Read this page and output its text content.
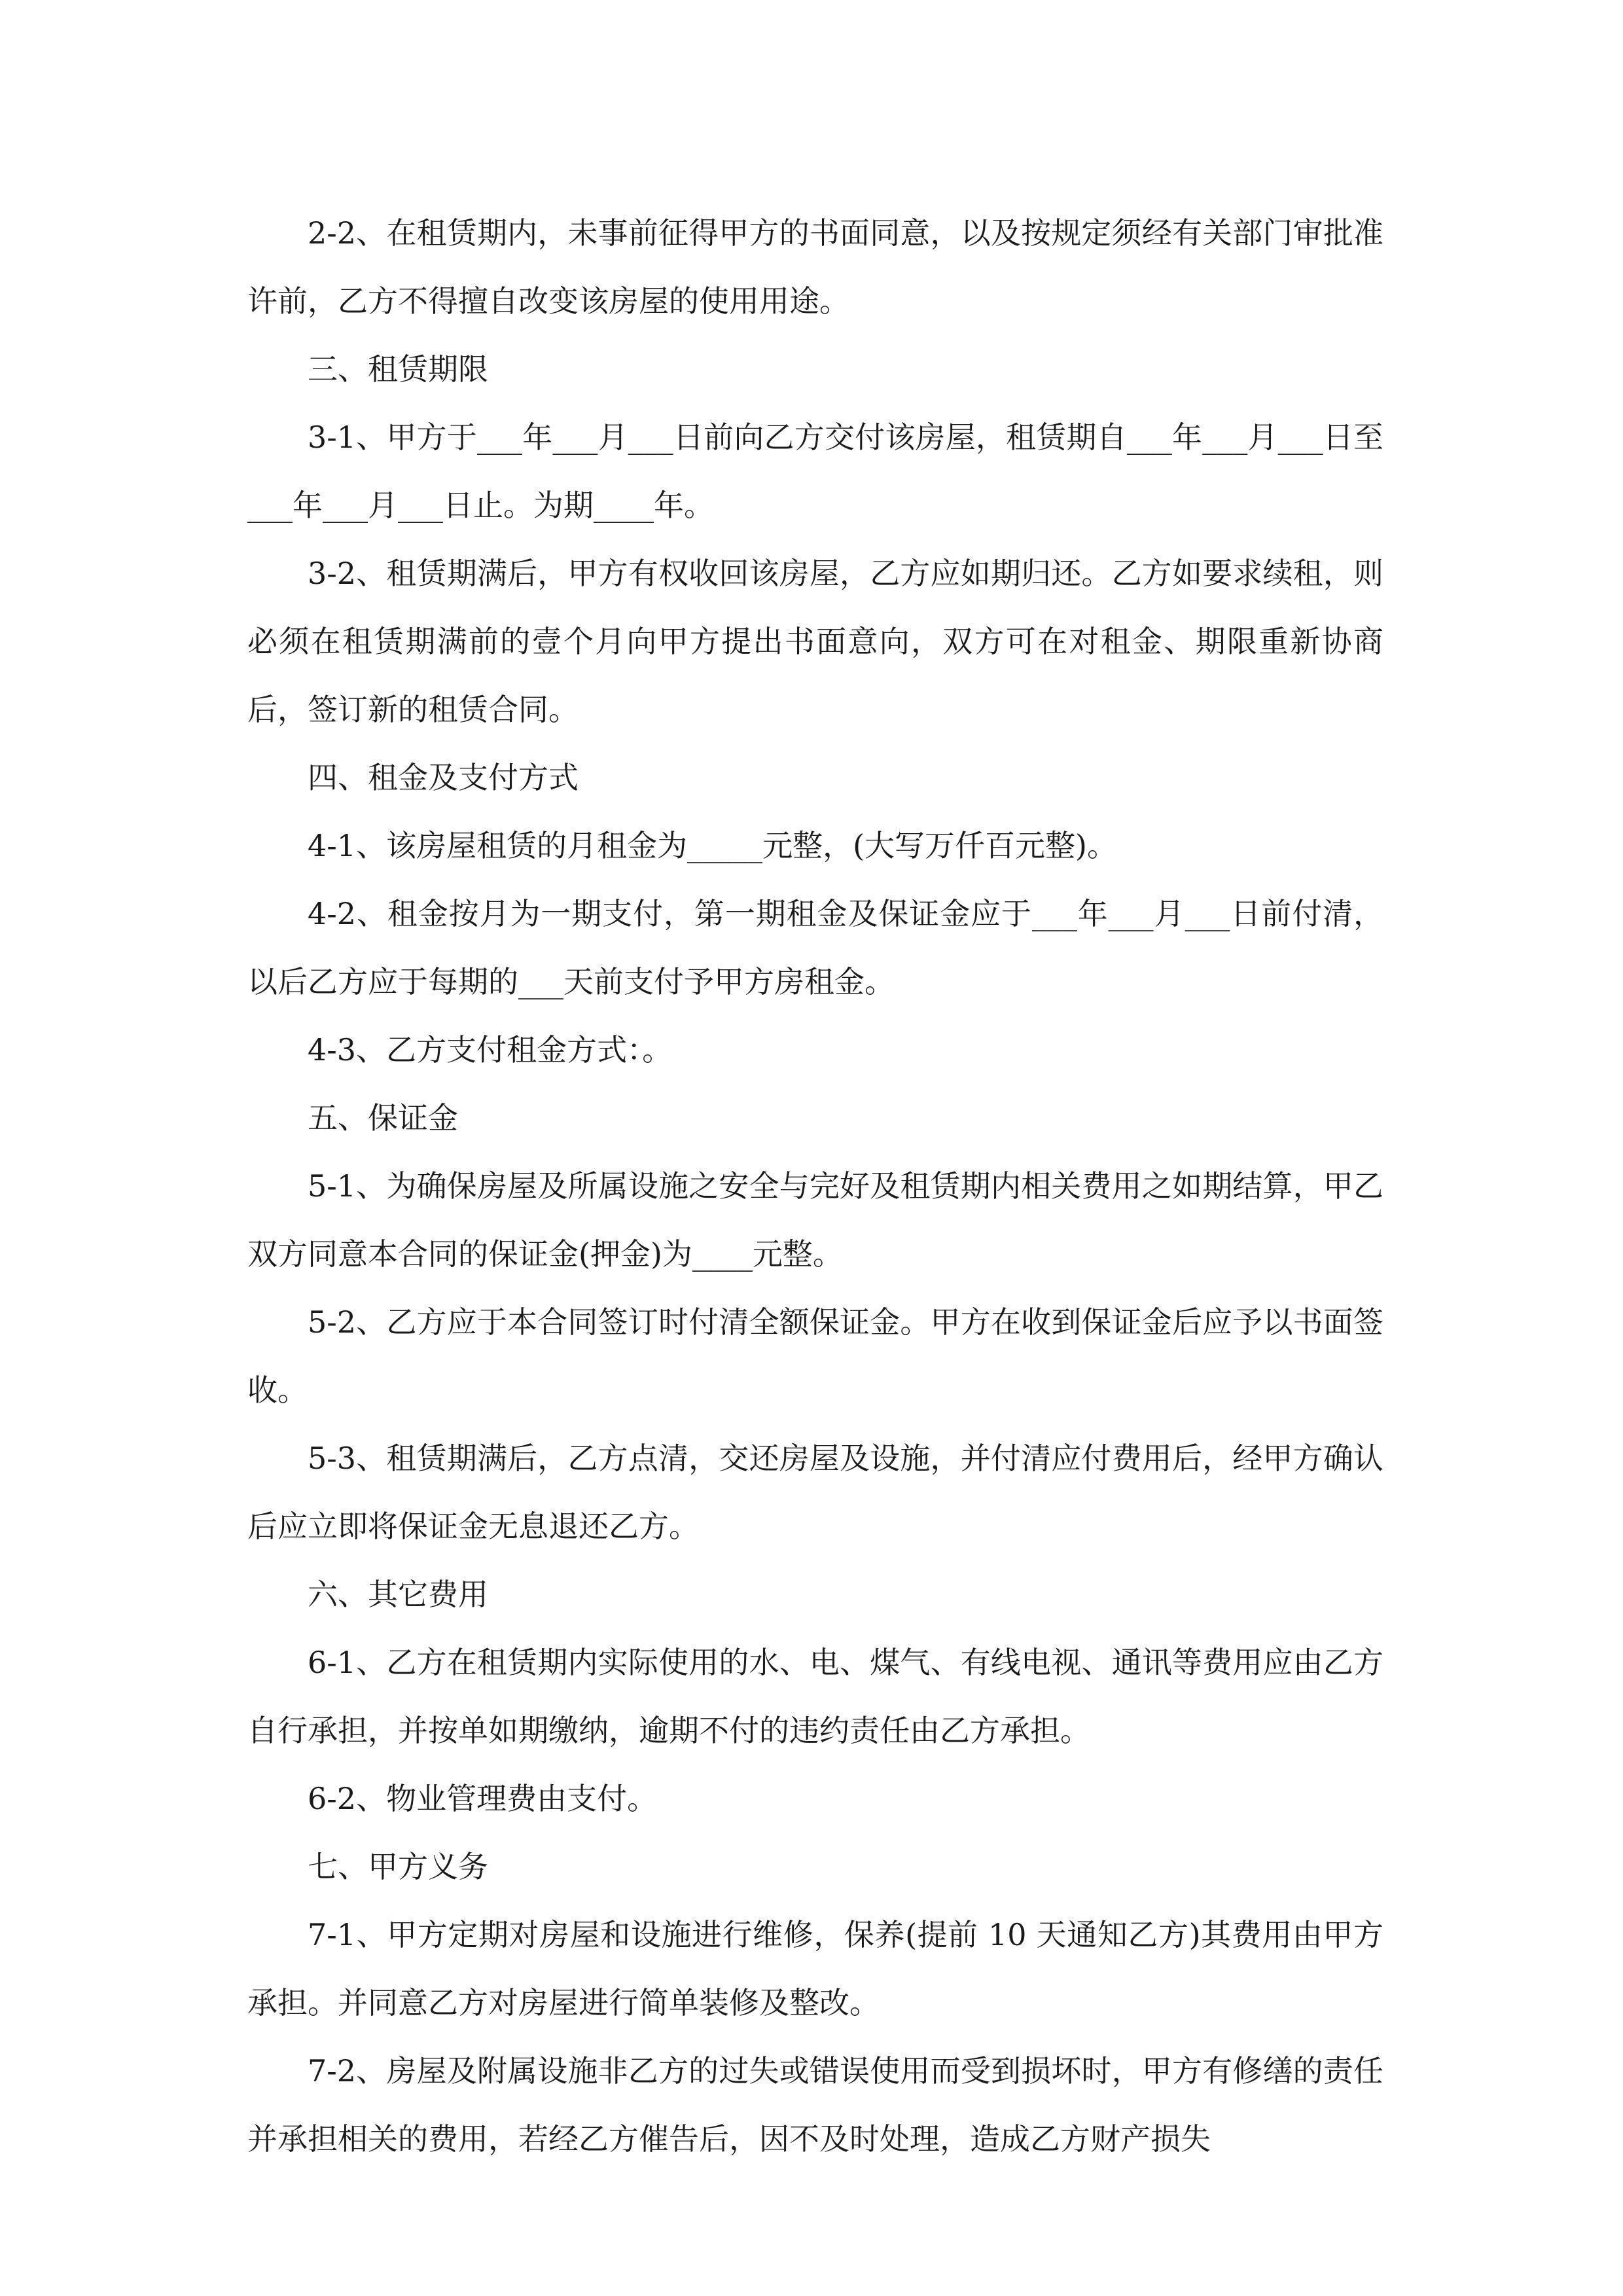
2-2、在租赁期内，未事前征得甲方的书面同意，以及按规定须经有关部门审批准许前，乙方不得擅自改变该房屋的使用用途。

三、租赁期限

3-1、甲方于___年___月___日前向乙方交付该房屋，租赁期自___年___月___日至___年___月___日止。为期____年。

3-2、租赁期满后，甲方有权收回该房屋，乙方应如期归还。乙方如要求续租，则必须在租赁期满前的壹个月向甲方提出书面意向，双方可在对租金、期限重新协商后，签订新的租赁合同。

四、租金及支付方式

4-1、该房屋租赁的月租金为_____元整，(大写万仟百元整)。

4-2、租金按月为一期支付，第一期租金及保证金应于___年___月___日前付清，以后乙方应于每期的___天前支付予甲方房租金。

4-3、乙方支付租金方式：。

五、保证金

5-1、为确保房屋及所属设施之安全与完好及租赁期内相关费用之如期结算，甲乙双方同意本合同的保证金(押金)为____元整。

5-2、乙方应于本合同签订时付清全额保证金。甲方在收到保证金后应予以书面签收。

5-3、租赁期满后，乙方点清，交还房屋及设施，并付清应付费用后，经甲方确认后应立即将保证金无息退还乙方。

六、其它费用

6-1、乙方在租赁期内实际使用的水、电、煤气、有线电视、通讯等费用应由乙方自行承担，并按单如期缴纳，逾期不付的违约责任由乙方承担。

6-2、物业管理费由支付。

七、甲方义务

7-1、甲方定期对房屋和设施进行维修，保养(提前 10 天通知乙方)其费用由甲方承担。并同意乙方对房屋进行简单装修及整改。

7-2、房屋及附属设施非乙方的过失或错误使用而受到损坏时，甲方有修缮的责任并承担相关的费用，若经乙方催告后，因不及时处理，造成乙方财产损失
